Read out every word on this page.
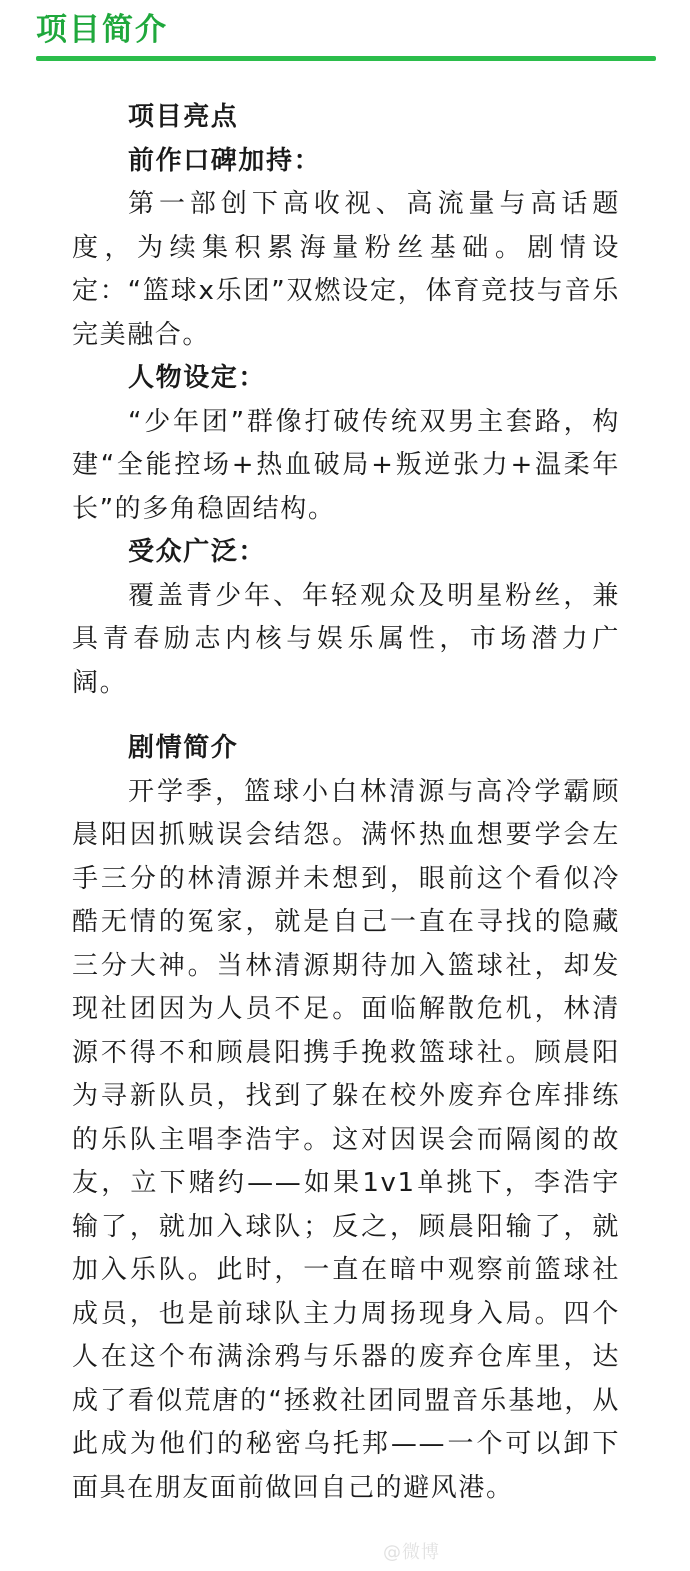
项目简介
项目亮点
前作口碑加持：

第一部创下高收视、高流量与高话题度，为续集积累海量粉丝基础。剧情设定：“篮球x乐团”双燃设定，体育竞技与音乐完美融合。

人物设定：

“少年团”群像打破传统双男主套路，构建“全能控场+热血破局+叛逆张力+温柔年长”的多角稳固结构。

受众广泛：

覆盖青少年、年轻观众及明星粉丝，兼具青春励志内核与娱乐属性，市场潜力广阔。

剧情简介

开学季，篮球小白林清源与高冷学霸顾晨阳因抓贼误会结怨。满怀热血想要学会左手三分的林清源并未想到，眼前这个看似冷酷无情的冤家，就是自己一直在寻找的隐藏三分大神。当林清源期待加入篮球社，却发现社团因为人员不足。面临解散危机，林清源不得不和顾晨阳携手挽救篮球社。顾晨阳为寻新队员，找到了躲在校外废弃仓库排练的乐队主唱李浩宇。这对因误会而隔阂的故友，立下赌约——如果1v1单挑下，李浩宇输了，就加入球队；反之，顾晨阳输了，就加入乐队。此时，一直在暗中观察前篮球社成员，也是前球队主力周扬现身入局。四个人在这个布满涂鸦与乐器的废弃仓库里，达成了看似荒唐的“拯救社团同盟音乐基地，从此成为他们的秘密乌托邦——一个可以卸下面具在朋友面前做回自己的避风港。

@微博
